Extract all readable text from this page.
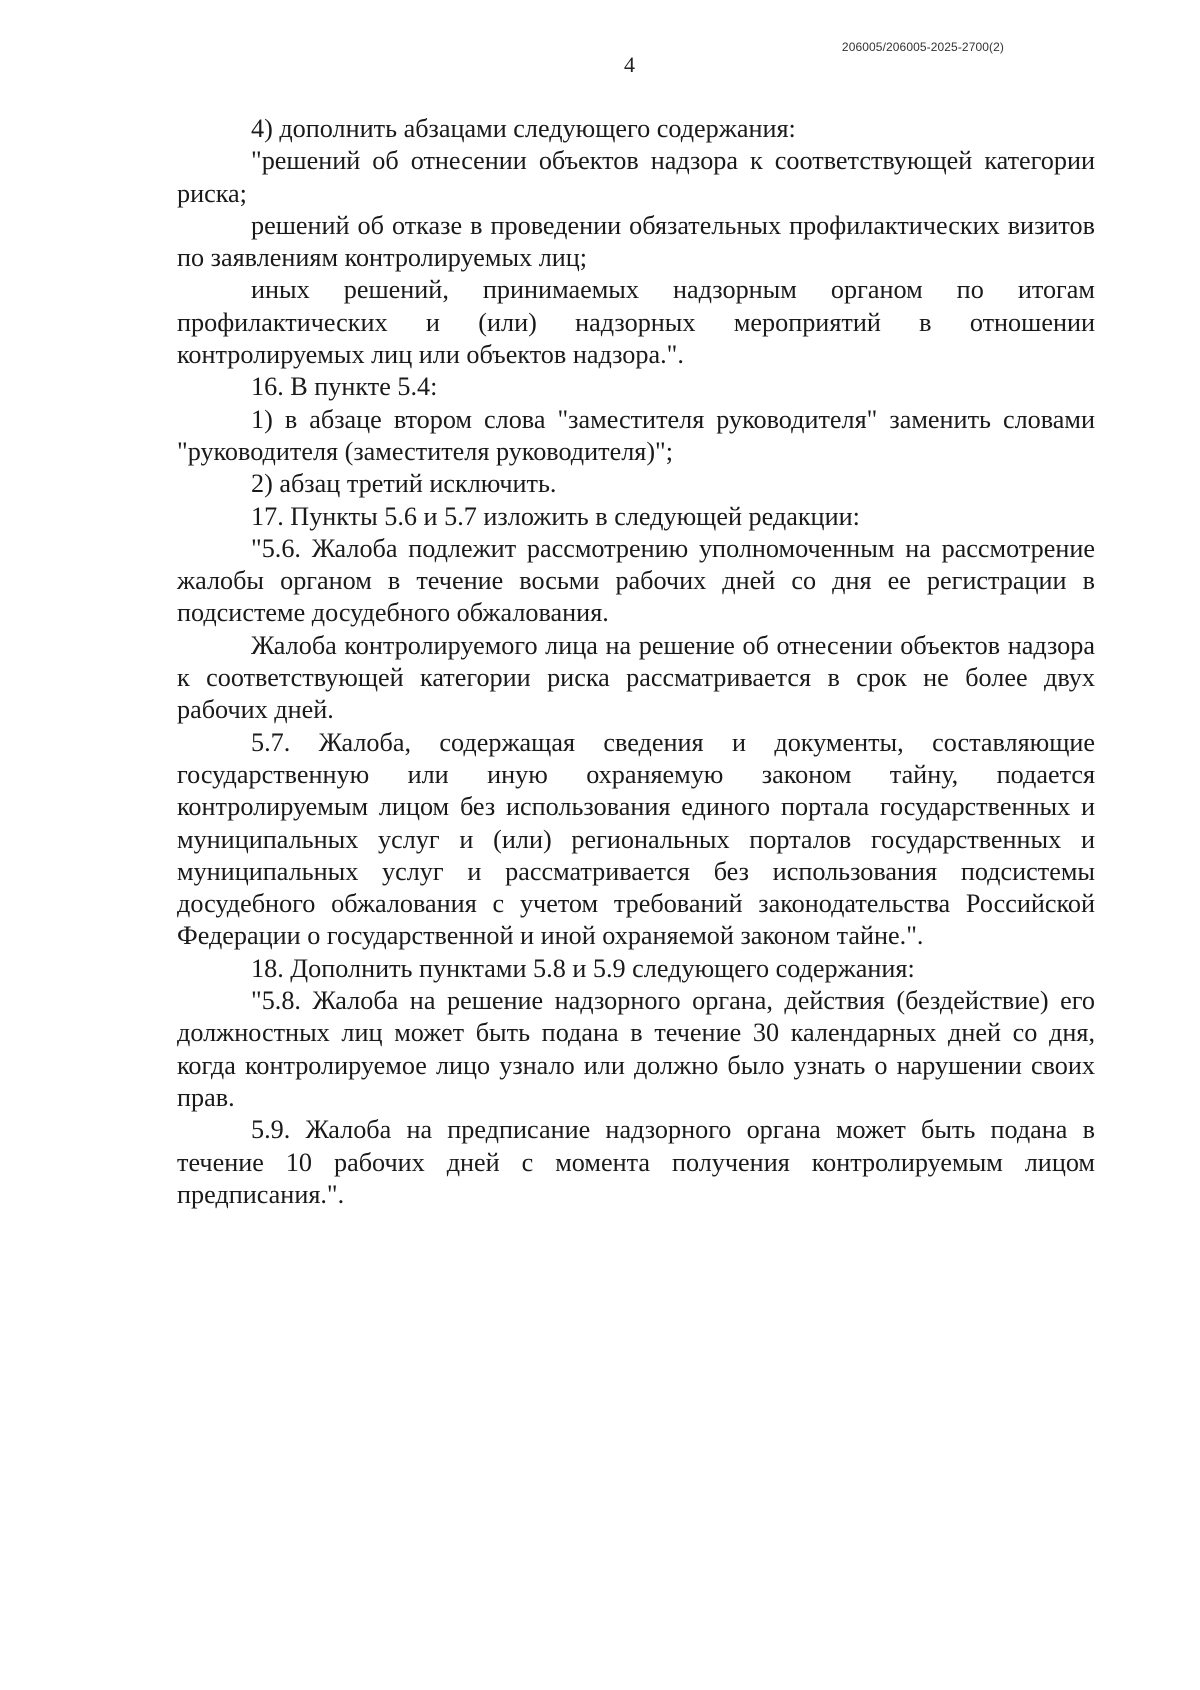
206005/206005-2025-2700(2)
4

4) дополнить абзацами следующего содержания:

"решений об отнесении объектов надзора к соответствующей категории риска;

решений об отказе в проведении обязательных профилактических визитов по заявлениям контролируемых лиц;

иных решений, принимаемых надзорным органом по итогам профилактических и (или) надзорных мероприятий в отношении контролируемых лиц или объектов надзора.".

16. В пункте 5.4:

1) в абзаце втором слова "заместителя руководителя" заменить словами "руководителя (заместителя руководителя)";

2) абзац третий исключить.

17. Пункты 5.6 и 5.7 изложить в следующей редакции:

"5.6. Жалоба подлежит рассмотрению уполномоченным на рассмотрение жалобы органом в течение восьми рабочих дней со дня ее регистрации в подсистеме досудебного обжалования.

Жалоба контролируемого лица на решение об отнесении объектов надзора к соответствующей категории риска рассматривается в срок не более двух рабочих дней.

5.7. Жалоба, содержащая сведения и документы, составляющие государственную или иную охраняемую законом тайну, подается контролируемым лицом без использования единого портала государственных и муниципальных услуг и (или) региональных порталов государственных и муниципальных услуг и рассматривается без использования подсистемы досудебного обжалования с учетом требований законодательства Российской Федерации о государственной и иной охраняемой законом тайне.".

18. Дополнить пунктами 5.8 и 5.9 следующего содержания:

"5.8. Жалоба на решение надзорного органа, действия (бездействие) его должностных лиц может быть подана в течение 30 календарных дней со дня, когда контролируемое лицо узнало или должно было узнать о нарушении своих прав.

5.9. Жалоба на предписание надзорного органа может быть подана в течение 10 рабочих дней с момента получения контролируемым лицом предписания.".
